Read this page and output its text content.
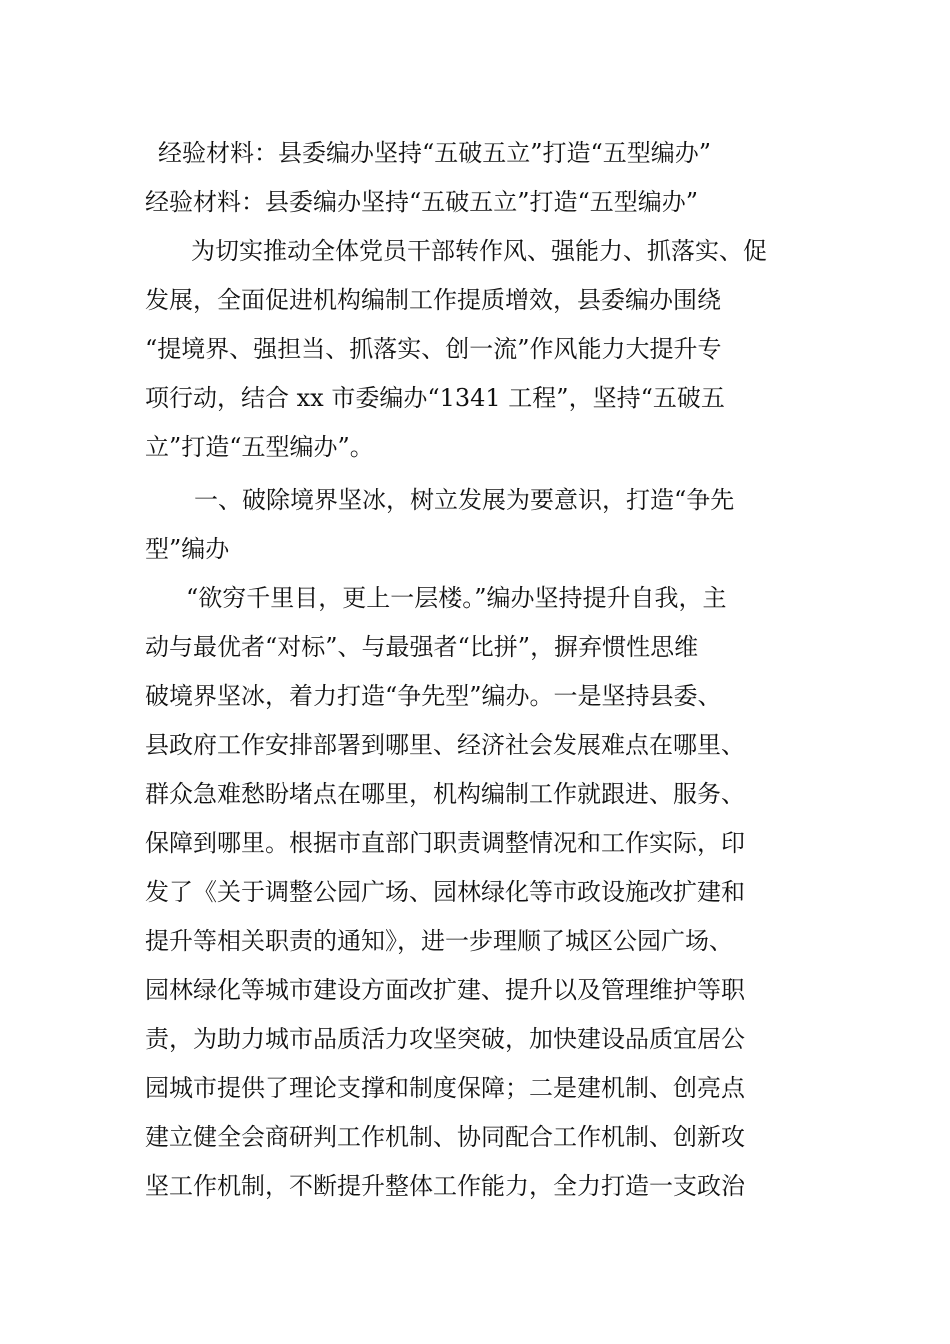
经验材料：县委编办坚持“五破五立”打造“五型编办”
经验材料：县委编办坚持“五破五立”打造“五型编办”
为切实推动全体党员干部转作风、强能力、抓落实、促
发展，全面促进机构编制工作提质增效，县委编办围绕
“提境界、强担当、抓落实、创一流”作风能力大提升专
项行动，结合 xx 市委编办“1341 工程”，坚持“五破五
立”打造“五型编办”。
一、破除境界坚冰，树立发展为要意识，打造“争先
型”编办
“欲穷千里目，更上一层楼。”编办坚持提升自我，主
动与最优者“对标”、与最强者“比拼”，摒弃惯性思维
破境界坚冰，着力打造“争先型”编办。一是坚持县委、
县政府工作安排部署到哪里、经济社会发展难点在哪里、
群众急难愁盼堵点在哪里，机构编制工作就跟进、服务、
保障到哪里。根据市直部门职责调整情况和工作实际，印
发了《关于调整公园广场、园林绿化等市政设施改扩建和
提升等相关职责的通知》，进一步理顺了城区公园广场、
园林绿化等城市建设方面改扩建、提升以及管理维护等职
责，为助力城市品质活力攻坚突破，加快建设品质宜居公
园城市提供了理论支撑和制度保障；二是建机制、创亮点
建立健全会商研判工作机制、协同配合工作机制、创新攻
坚工作机制，不断提升整体工作能力，全力打造一支政治
